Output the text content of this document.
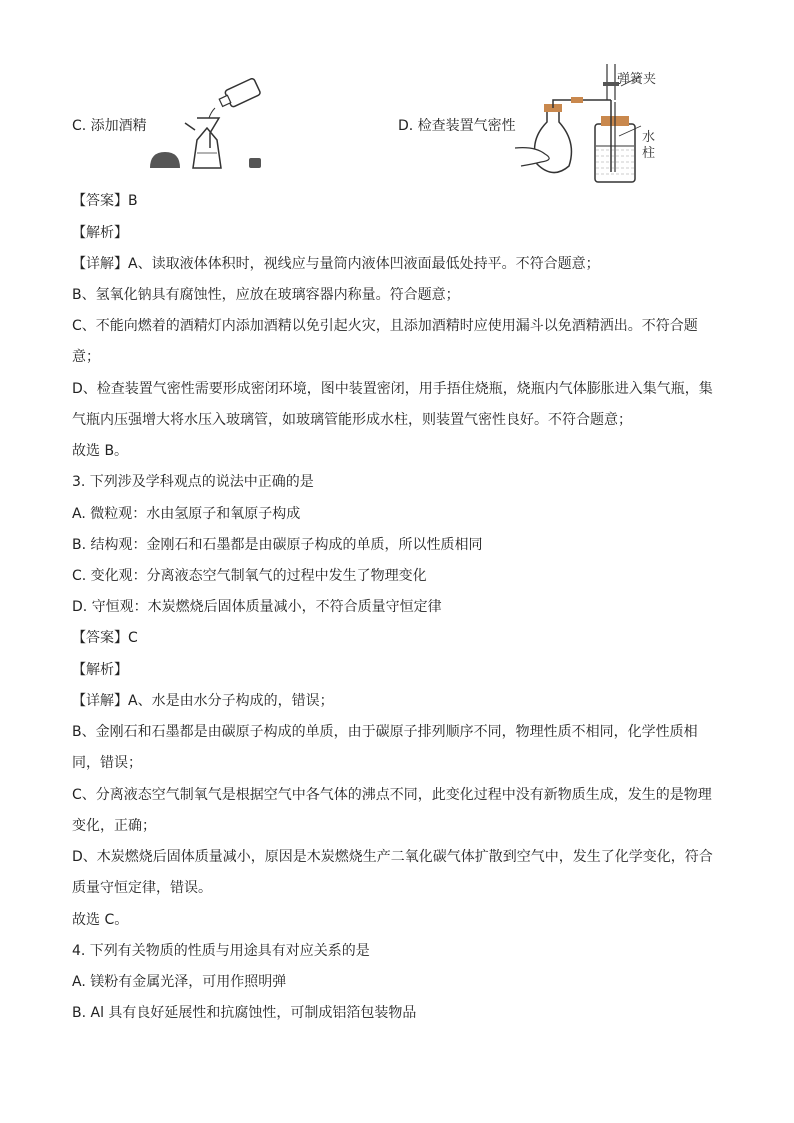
C. 添加酒精	D. 检查装置气密性
弹簧夹
水
柱
【答案】B
【解析】
【详解】A、读取液体体积时，视线应与量筒内液体凹液面最低处持平。不符合题意；
B、氢氧化钠具有腐蚀性，应放在玻璃容器内称量。符合题意；
C、不能向燃着的酒精灯内添加酒精以免引起火灾，且添加酒精时应使用漏斗以免酒精洒出。不符合题
意；
D、检查装置气密性需要形成密闭环境，图中装置密闭，用手捂住烧瓶，烧瓶内气体膨胀进入集气瓶，集
气瓶内压强增大将水压入玻璃管，如玻璃管能形成水柱，则装置气密性良好。不符合题意；
故选 B。
3. 下列涉及学科观点的说法中正确的是
A. 微粒观：水由氢原子和氧原子构成
B. 结构观：金刚石和石墨都是由碳原子构成的单质，所以性质相同
C. 变化观：分离液态空气制氧气的过程中发生了物理变化
D. 守恒观：木炭燃烧后固体质量减小，不符合质量守恒定律
【答案】C
【解析】
【详解】A、水是由水分子构成的，错误；
B、金刚石和石墨都是由碳原子构成的单质，由于碳原子排列顺序不同，物理性质不相同，化学性质相
同，错误；
C、分离液态空气制氧气是根据空气中各气体的沸点不同，此变化过程中没有新物质生成，发生的是物理
变化，正确；
D、木炭燃烧后固体质量减小，原因是木炭燃烧生产二氧化碳气体扩散到空气中，发生了化学变化，符合
质量守恒定律，错误。
故选 C。
4. 下列有关物质的性质与用途具有对应关系的是
A. 镁粉有金属光泽，可用作照明弹
B. Al 具有良好延展性和抗腐蚀性，可制成铝箔包装物品
